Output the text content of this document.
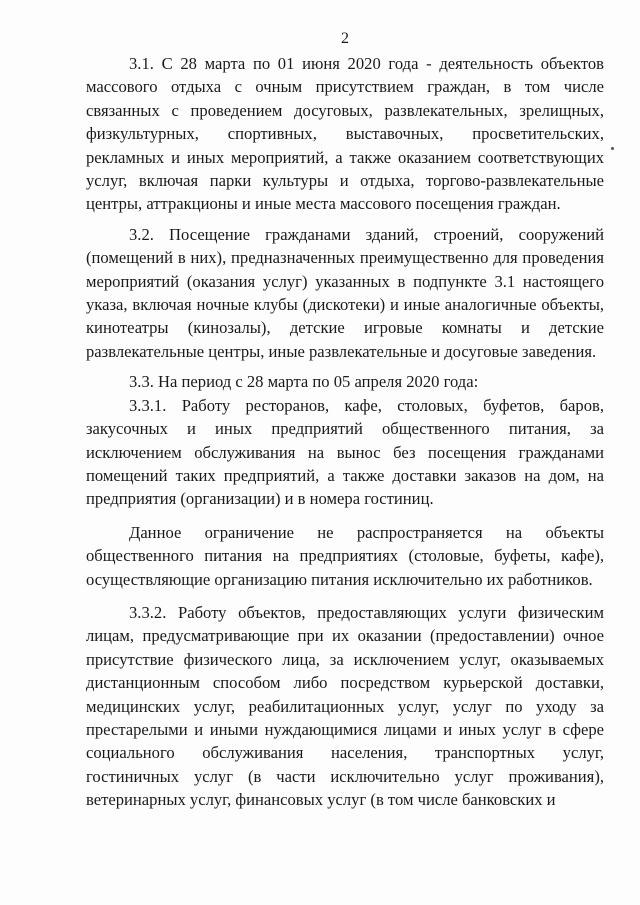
2

3.1. С 28 марта по 01 июня 2020 года - деятельность объектов массового отдыха с очным присутствием граждан, в том числе связанных с проведением досуговых, развлекательных, зрелищных, физкультурных, спортивных, выставочных, просветительских, рекламных и иных мероприятий, а также оказанием соответствующих услуг, включая парки культуры и отдыха, торгово-развлекательные центры, аттракционы и иные места массового посещения граждан.

3.2. Посещение гражданами зданий, строений, сооружений (помещений в них), предназначенных преимущественно для проведения мероприятий (оказания услуг) указанных в подпункте 3.1 настоящего указа, включая ночные клубы (дискотеки) и иные аналогичные объекты, кинотеатры (кинозалы), детские игровые комнаты и детские развлекательные центры, иные развлекательные и досуговые заведения.

3.3. На период с 28 марта по 05 апреля 2020 года:

3.3.1. Работу ресторанов, кафе, столовых, буфетов, баров, закусочных и иных предприятий общественного питания, за исключением обслуживания на вынос без посещения гражданами помещений таких предприятий, а также доставки заказов на дом, на предприятия (организации) и в номера гостиниц.

Данное ограничение не распространяется на объекты общественного питания на предприятиях (столовые, буфеты, кафе), осуществляющие организацию питания исключительно их работников.

3.3.2. Работу объектов, предоставляющих услуги физическим лицам, предусматривающие при их оказании (предоставлении) очное присутствие физического лица, за исключением услуг, оказываемых дистанционным способом либо посредством курьерской доставки, медицинских услуг, реабилитационных услуг, услуг по уходу за престарелыми и иными нуждающимися лицами и иных услуг в сфере социального обслуживания населения, транспортных услуг, гостиничных услуг (в части исключительно услуг проживания), ветеринарных услуг, финансовых услуг (в том числе банковских и
